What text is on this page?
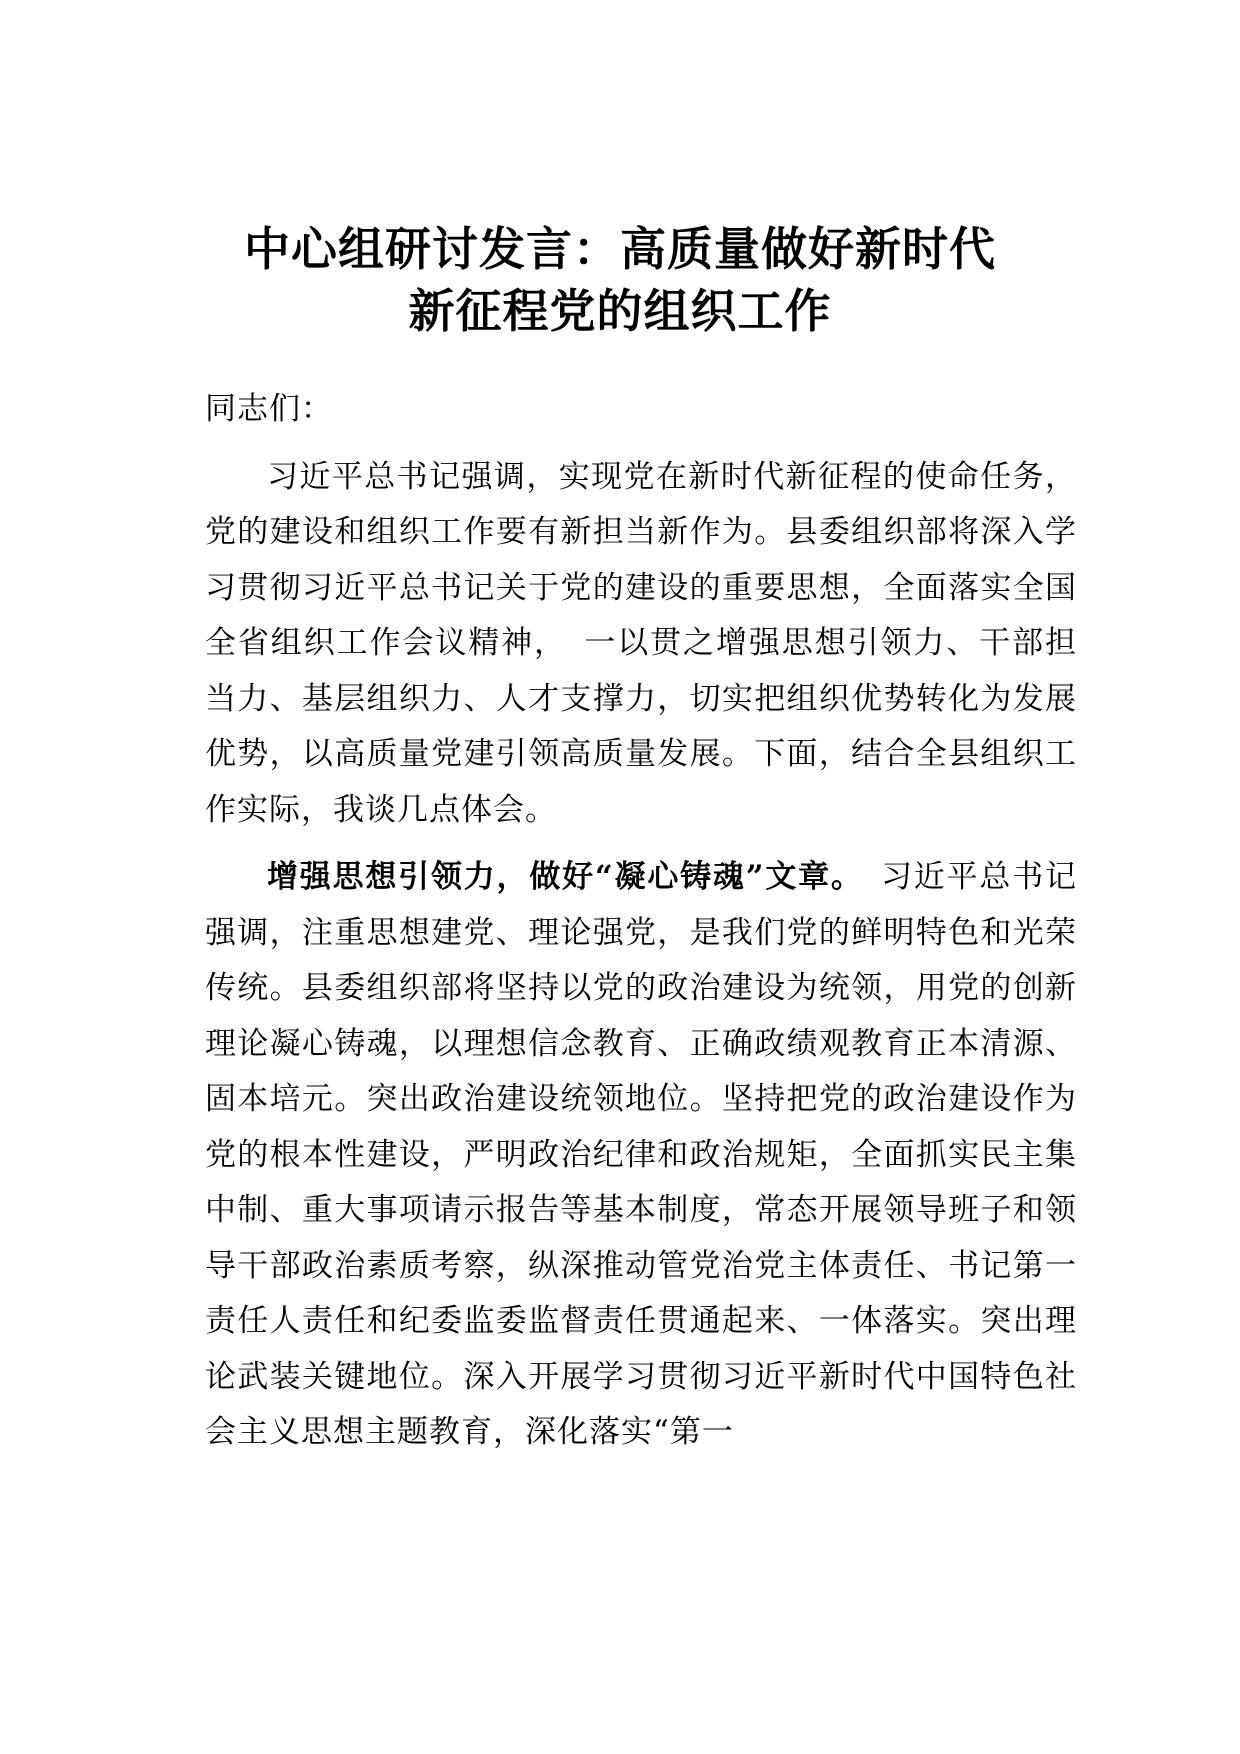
中心组研讨发言：高质量做好新时代
新征程党的组织工作
同志们：

习近平总书记强调，实现党在新时代新征程的使命任务，党的建设和组织工作要有新担当新作为。县委组织部将深入学习贯彻习近平总书记关于党的建设的重要思想，全面落实全国全省组织工作会议精神，　一以贯之增强思想引领力、干部担当力、基层组织力、人才支撑力，切实把组织优势转化为发展优势，以高质量党建引领高质量发展。下面，结合全县组织工作实际，我谈几点体会。

增强思想引领力，做好“凝心铸魂”文章。　习近平总书记强调，注重思想建党、理论强党，是我们党的鲜明特色和光荣传统。县委组织部将坚持以党的政治建设为统领，用党的创新理论凝心铸魂，以理想信念教育、正确政绩观教育正本清源、固本培元。突出政治建设统领地位。坚持把党的政治建设作为党的根本性建设，严明政治纪律和政治规矩，全面抓实民主集中制、重大事项请示报告等基本制度，常态开展领导班子和领导干部政治素质考察，纵深推动管党治党主体责任、书记第一责任人责任和纪委监委监督责任贯通起来、一体落实。突出理论武装关键地位。深入开展学习贯彻习近平新时代中国特色社会主义思想主题教育，深化落实“第一
